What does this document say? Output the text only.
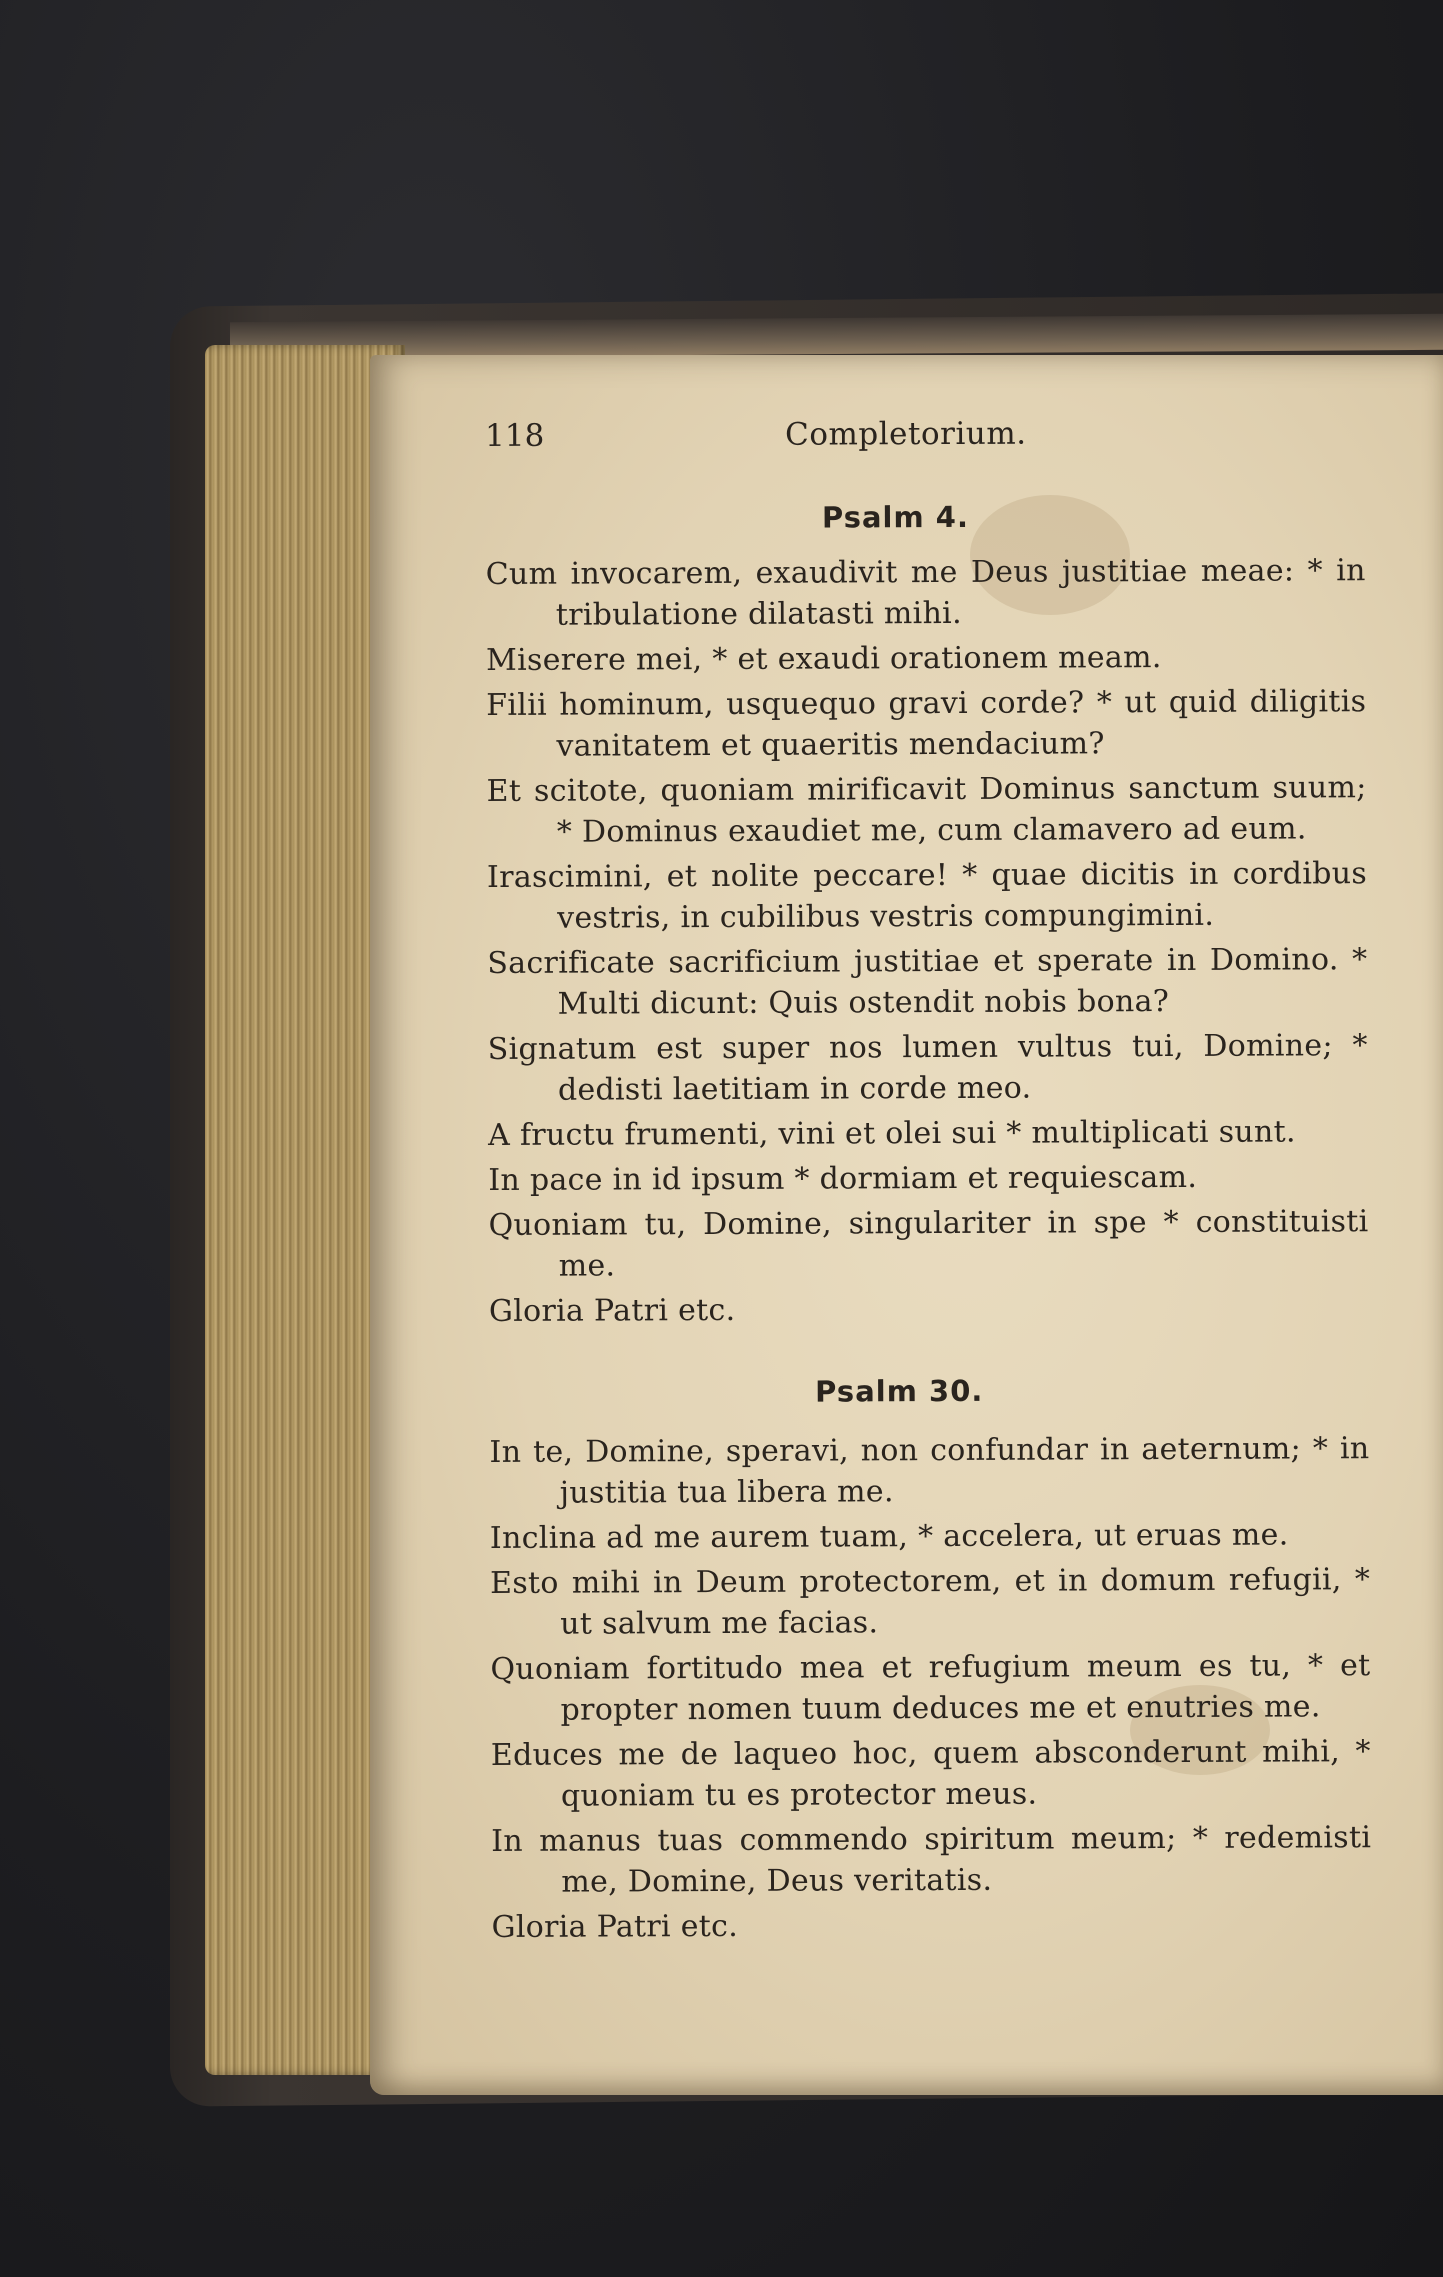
118	Completorium.
Psalm 4.

Cum invocarem, exaudivit me Deus justitiae meae: * in tribulatione dilatasti mihi.

Miserere mei, * et exaudi orationem meam.

Filii hominum, usquequo gravi corde? * ut quid diligitis vanitatem et quaeritis mendacium?

Et scitote, quoniam mirificavit Dominus sanctum suum; * Dominus exaudiet me, cum clamavero ad eum.

Irascimini, et nolite peccare! * quae dicitis in cordibus vestris, in cubilibus vestris compungimini.

Sacrificate sacrificium justitiae et sperate in Domino. * Multi dicunt: Quis ostendit nobis bona?

Signatum est super nos lumen vultus tui, Domine; * dedisti laetitiam in corde meo.

A fructu frumenti, vini et olei sui * multiplicati sunt.

In pace in id ipsum * dormiam et requiescam.

Quoniam tu, Domine, singulariter in spe * constituisti me.

Gloria Patri etc.

Psalm 30.

In te, Domine, speravi, non confundar in aeternum; * in justitia tua libera me.

Inclina ad me aurem tuam, * accelera, ut eruas me.

Esto mihi in Deum protectorem, et in domum refugii, * ut salvum me facias.

Quoniam fortitudo mea et refugium meum es tu, * et propter nomen tuum deduces me et enutries me.

Educes me de laqueo hoc, quem absconderunt mihi, * quoniam tu es protector meus.

In manus tuas commendo spiritum meum; * redemisti me, Domine, Deus veritatis.

Gloria Patri etc.
